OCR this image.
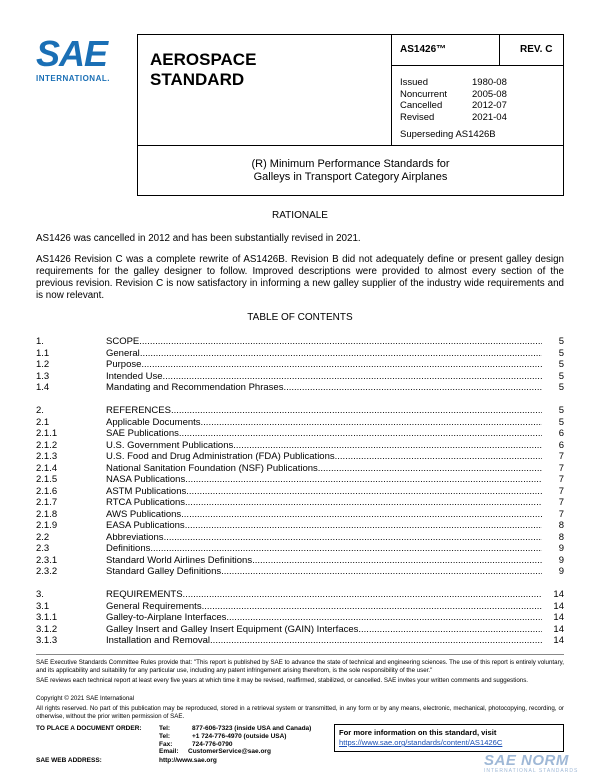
SAE
INTERNATIONAL.
AEROSPACE
STANDARD
AS1426™	REV. C
Issued	1980-08
Noncurrent	2005-08
Cancelled	2012-07
Revised	2021-04
Superseding AS1426B
(R) Minimum Performance Standards for
Galleys in Transport Category Airplanes
RATIONALE
AS1426 was cancelled in 2012 and has been substantially revised in 2021.
AS1426 Revision C was a complete rewrite of AS1426B. Revision B did not adequately define or present galley design requirements for the galley designer to follow. Improved descriptions were provided to almost every section of the previous revision. Revision C is now satisfactory in informing a new galley supplier of the industry wide requirements and is now relevant.
TABLE OF CONTENTS
1.	SCOPE .....	5
1.1	General .....	5
1.2	Purpose .....	5
1.3	Intended Use .....	5
1.4	Mandating and Recommendation Phrases .....	5
2.	REFERENCES .....	5
2.1	Applicable Documents .....	5
2.1.1	SAE Publications .....	6
2.1.2	U.S. Government Publications .....	6
2.1.3	U.S. Food and Drug Administration (FDA) Publications .....	7
2.1.4	National Sanitation Foundation (NSF) Publications .....	7
2.1.5	NASA Publications .....	7
2.1.6	ASTM Publications .....	7
2.1.7	RTCA Publications .....	7
2.1.8	AWS Publications .....	7
2.1.9	EASA Publications .....	8
2.2	Abbreviations .....	8
2.3	Definitions .....	9
2.3.1	Standard World Airlines Definitions .....	9
2.3.2	Standard Galley Definitions .....	9
3.	REQUIREMENTS .....	14
3.1	General Requirements .....	14
3.1.1	Galley-to-Airplane Interfaces .....	14
3.1.2	Galley Insert and Galley Insert Equipment (GAIN) Interfaces .....	14
3.1.3	Installation and Removal .....	14
SAE Executive Standards Committee Rules provide that: "This report is published by SAE to advance the state of technical and engineering sciences. The use of this report is entirely voluntary, and its applicability and suitability for any particular use, including any patent infringement arising therefrom, is the sole responsibility of the user."
SAE reviews each technical report at least every five years at which time it may be revised, reaffirmed, stabilized, or cancelled. SAE invites your written comments and suggestions.
Copyright © 2021 SAE International
All rights reserved. No part of this publication may be reproduced, stored in a retrieval system or transmitted, in any form or by any means, electronic, mechanical, photocopying, recording, or otherwise, without the prior written permission of SAE.
TO PLACE A DOCUMENT ORDER:	Tel:	877-606-7323 (inside USA and Canada)
Tel:	+1 724-776-4970 (outside USA)
Fax:	724-776-0790
Email:	CustomerService@sae.org
SAE WEB ADDRESS:	http://www.sae.org
For more information on this standard, visit
https://www.sae.org/standards/content/AS1426C
SAE NORM
INTERNATIONAL STANDARDS
